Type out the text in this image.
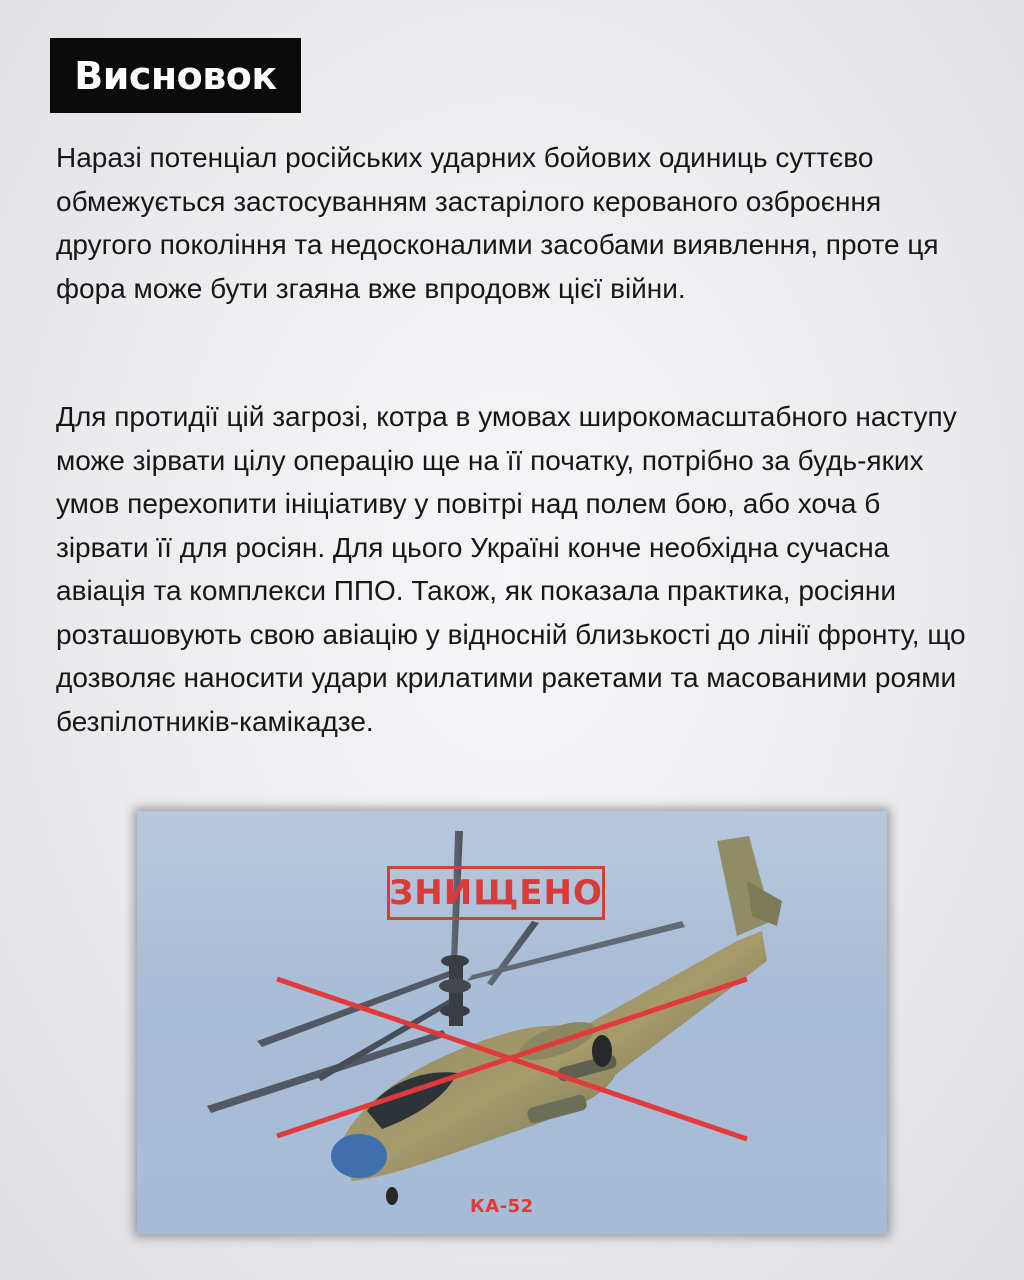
Висновок

Наразі потенціал російських ударних бойових одиниць суттєво обмежується застосуванням застарілого керованого озброєння другого покоління та недосконалими засобами виявлення, проте ця фора може бути згаяна вже впродовж цієї війни.

Для протидії цій загрозі, котра в умовах широкомасштабного наступу може зірвати цілу операцію ще на її початку, потрібно за будь-яких умов перехопити ініціативу у повітрі над полем бою, або хоча б зірвати її для росіян. Для цього Україні конче необхідна сучасна авіація та комплекси ППО. Також, як показала практика, росіяни розташовують свою авіацію у відносній близькості до лінії фронту, що дозволяє наносити удари крилатими ракетами та масованими роями безпілотників-камікадзе.

ЗНИЩЕНО
КА-52
